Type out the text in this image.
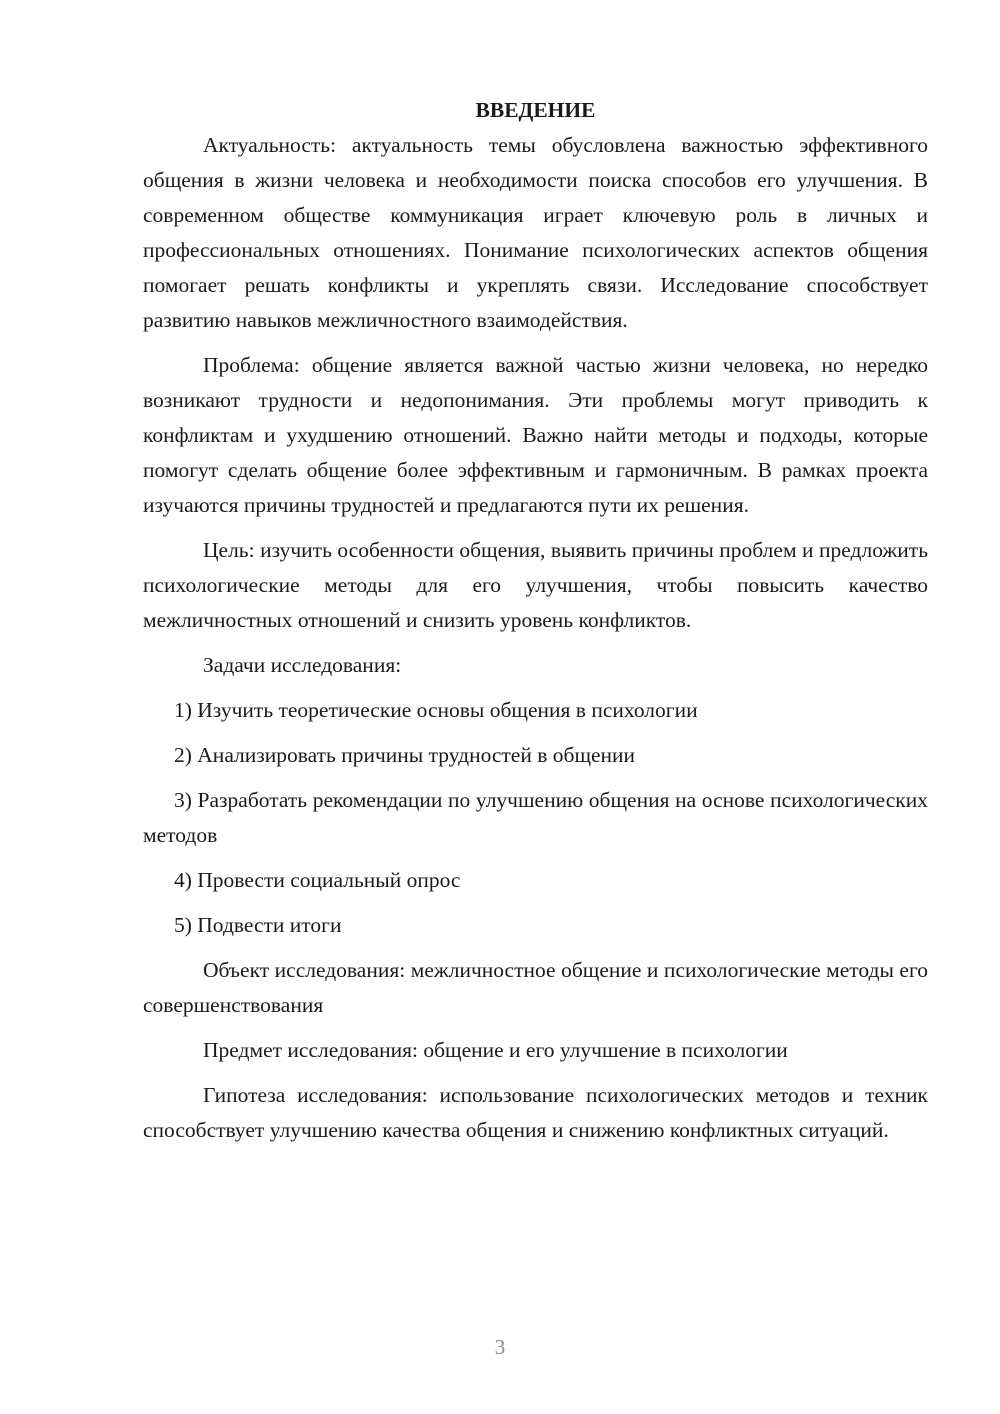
ВВЕДЕНИЕ

Актуальность: актуальность темы обусловлена важностью эффективного общения в жизни человека и необходимости поиска способов его улучшения. В современном обществе коммуникация играет ключевую роль в личных и профессиональных отношениях. Понимание психологических аспектов общения помогает решать конфликты и укреплять связи. Исследование способствует развитию навыков межличностного взаимодействия.

Проблема: общение является важной частью жизни человека, но нередко возникают трудности и недопонимания. Эти проблемы могут приводить к конфликтам и ухудшению отношений. Важно найти методы и подходы, которые помогут сделать общение более эффективным и гармоничным. В рамках проекта изучаются причины трудностей и предлагаются пути их решения.

Цель: изучить особенности общения, выявить причины проблем и предложить психологические методы для его улучшения, чтобы повысить качество межличностных отношений и снизить уровень конфликтов.

Задачи исследования:

1) Изучить теоретические основы общения в психологии

2) Анализировать причины трудностей в общении

3) Разработать рекомендации по улучшению общения на основе психологических методов

4) Провести социальный опрос

5) Подвести итоги

Объект исследования: межличностное общение и психологические методы его совершенствования

Предмет исследования: общение и его улучшение в психологии

Гипотеза исследования: использование психологических методов и техник способствует улучшению качества общения и снижению конфликтных ситуаций.

3
